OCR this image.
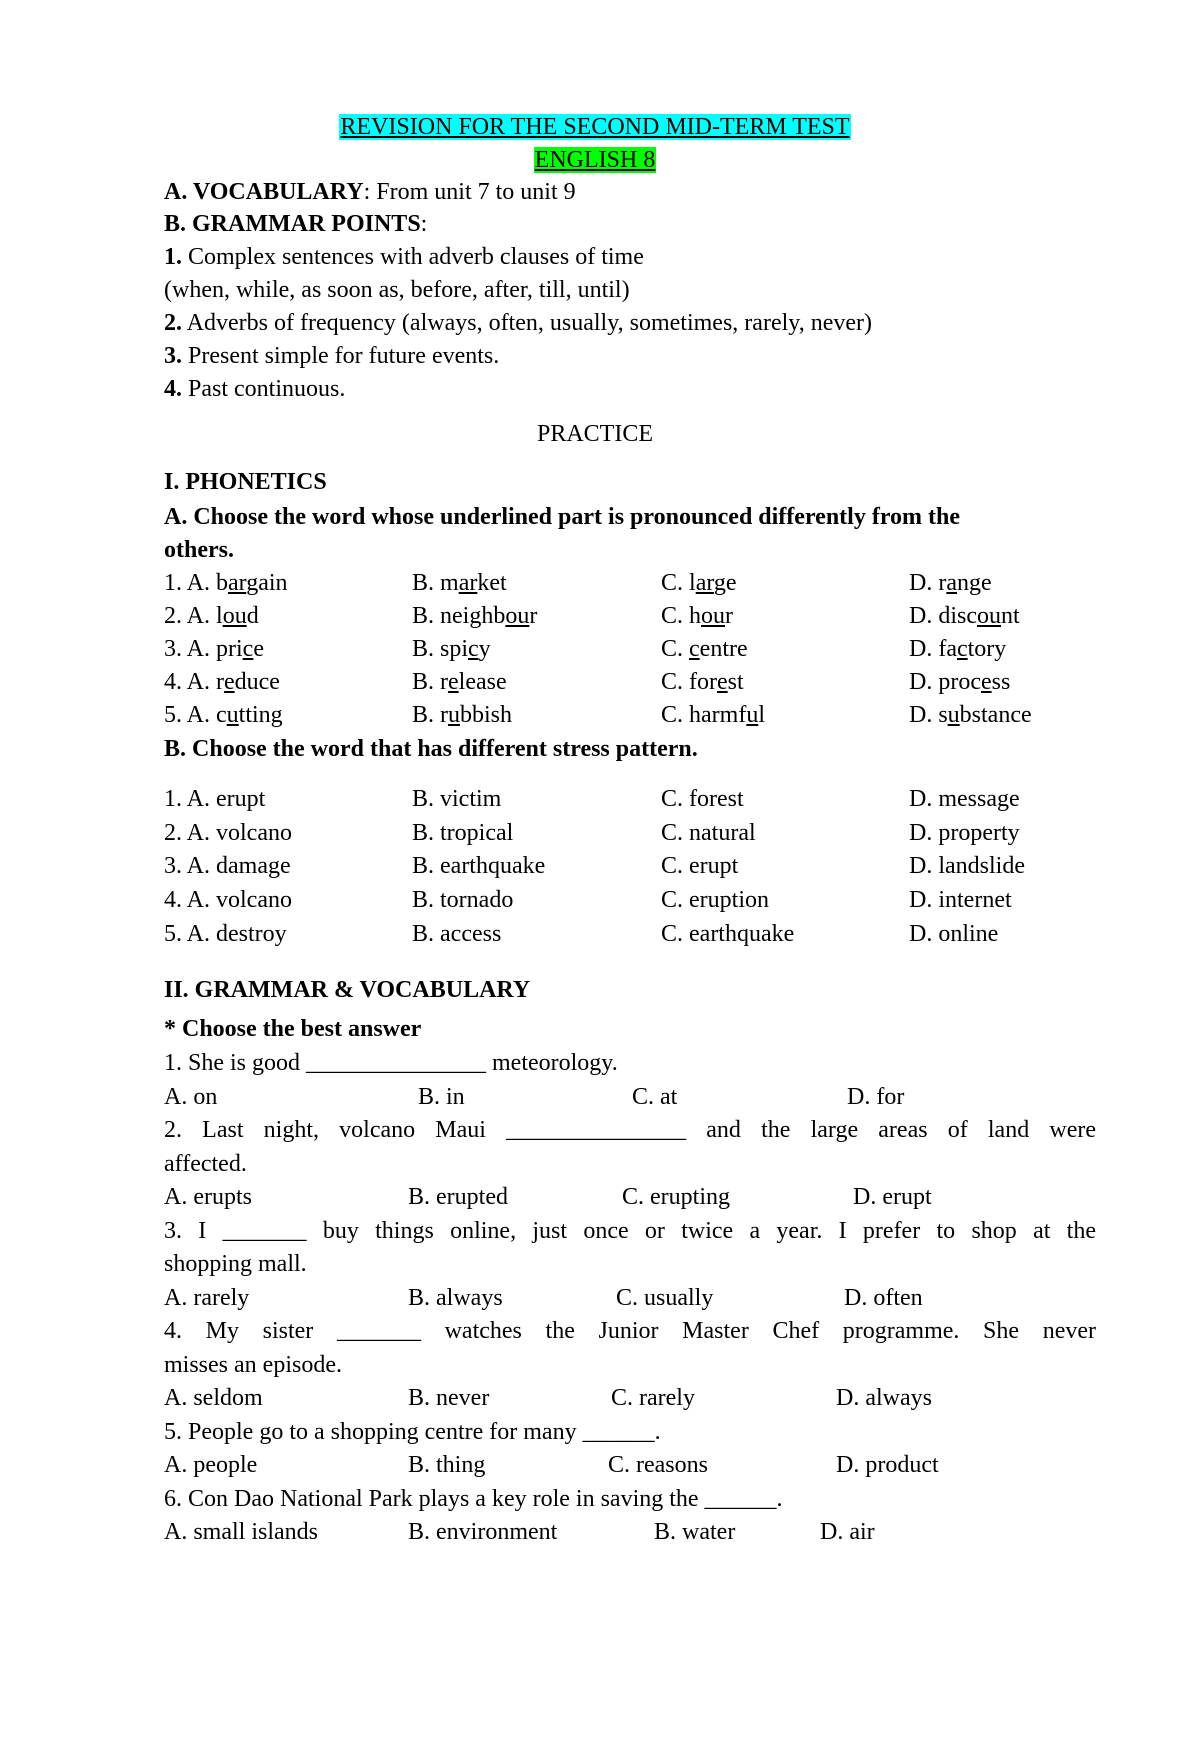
REVISION FOR THE SECOND MID-TERM TEST
ENGLISH 8
A. VOCABULARY: From unit 7 to unit 9
B. GRAMMAR POINTS:
1. Complex sentences with adverb clauses of time
(when, while, as soon as, before, after, till, until)
2. Adverbs of frequency (always, often, usually, sometimes, rarely, never)
3. Present simple for future events.
4. Past continuous.
PRACTICE
I. PHONETICS
A. Choose the word whose underlined part is pronounced differently from the
others.
1. A. bargain	B. market	C. large	D. range
2. A. loud	B. neighbour	C. hour	D. discount
3. A. price	B. spicy	C. centre	D. factory
4. A. reduce	B. release	C. forest	D. process
5. A. cutting	B. rubbish	C. harmful	D. substance
B. Choose the word that has different stress pattern.
1. A. erupt	B. victim	C. forest	D. message
2. A. volcano	B. tropical	C. natural	D. property
3. A. damage	B. earthquake	C. erupt	D. landslide
4. A. volcano	B. tornado	C. eruption	D. internet
5. A. destroy	B. access	C. earthquake	D. online
II. GRAMMAR & VOCABULARY
* Choose the best answer
1. She is good _______________ meteorology.
A. on	B. in	C. at	D. for
2. Last night, volcano Maui _______________ and the large areas of land were
affected.
A. erupts	B. erupted	C. erupting	D. erupt
3. I _______ buy things online, just once or twice a year. I prefer to shop at the
shopping mall.
A. rarely	B. always	C. usually	D. often
4. My sister _______ watches the Junior Master Chef programme. She never
misses an episode.
A. seldom	B. never	C. rarely	D. always
5. People go to a shopping centre for many ______.
A. people	B. thing	C. reasons	D. product
6. Con Dao National Park plays a key role in saving the ______.
A. small islands	B. environment	B. water	D. air
